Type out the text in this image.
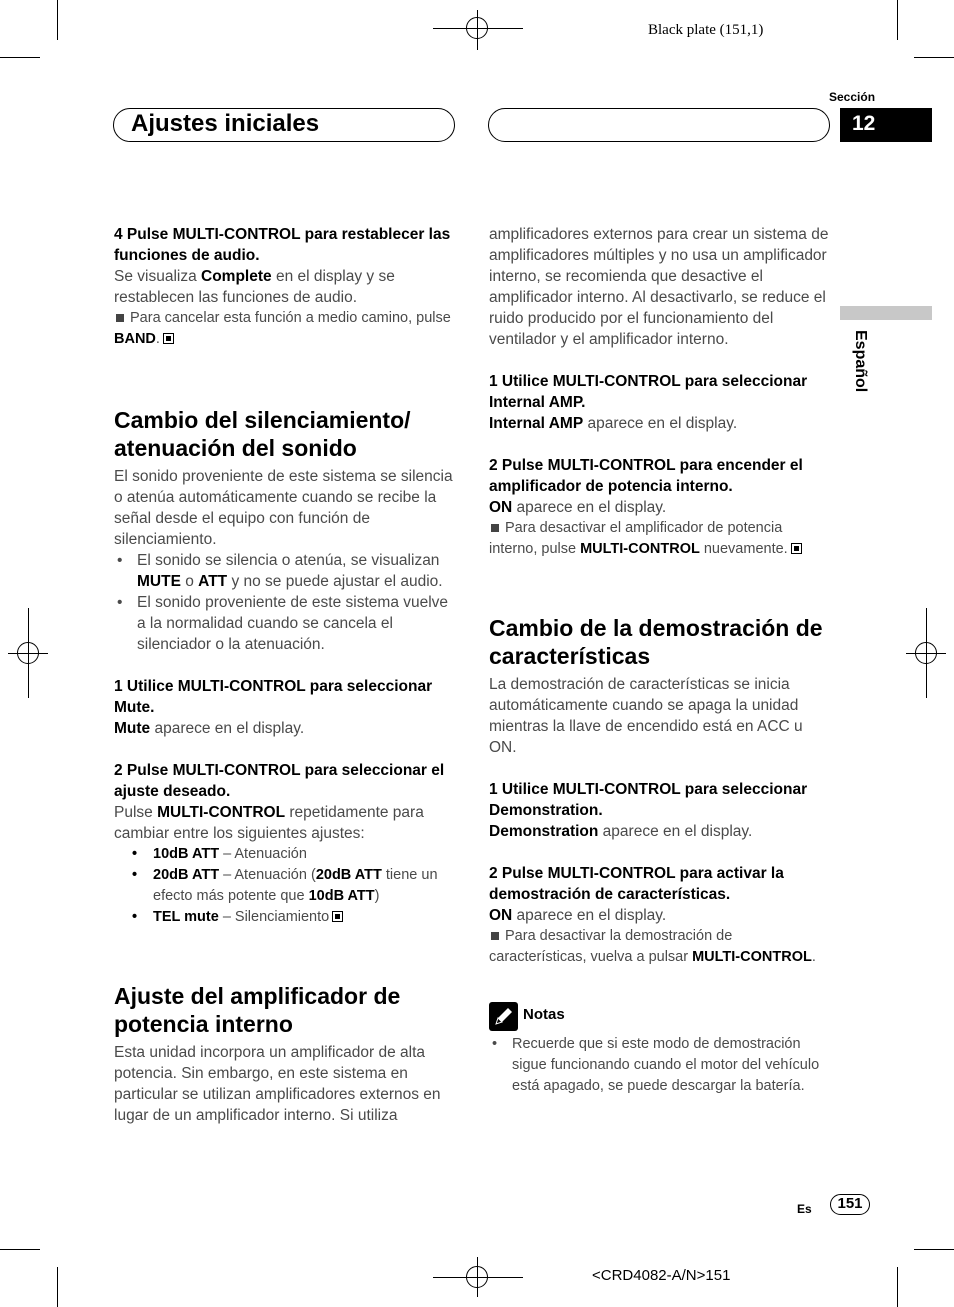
Black plate (151,1)
Ajustes iniciales
Sección
12
Español

4 Pulse MULTI-CONTROL para restablecer las funciones de audio.

Se visualiza Complete en el display y se restablecen las funciones de audio.

Para cancelar esta función a medio camino, pulse BAND.

Cambio del silenciamiento/ atenuación del sonido

El sonido proveniente de este sistema se silencia o atenúa automáticamente cuando se recibe la señal desde el equipo con función de silenciamiento.

• El sonido se silencia o atenúa, se visualizan MUTE o ATT y no se puede ajustar el audio.

• El sonido proveniente de este sistema vuelve a la normalidad cuando se cancela el silenciador o la atenuación.

1 Utilice MULTI-CONTROL para seleccionar Mute.

Mute aparece en el display.

2 Pulse MULTI-CONTROL para seleccionar el ajuste deseado.

Pulse MULTI-CONTROL repetidamente para cambiar entre los siguientes ajustes:

• 10dB ATT – Atenuación

• 20dB ATT – Atenuación (20dB ATT tiene un efecto más potente que 10dB ATT)

• TEL mute – Silenciamiento

Ajuste del amplificador de potencia interno

Esta unidad incorpora un amplificador de alta potencia. Sin embargo, en este sistema en particular se utilizan amplificadores externos en lugar de un amplificador interno. Si utiliza

amplificadores externos para crear un sistema de amplificadores múltiples y no usa un amplificador interno, se recomienda que desactive el amplificador interno. Al desactivarlo, se reduce el ruido producido por el funcionamiento del ventilador y el amplificador interno.

1 Utilice MULTI-CONTROL para seleccionar Internal AMP.

Internal AMP aparece en el display.

2 Pulse MULTI-CONTROL para encender el amplificador de potencia interno.

ON aparece en el display.

Para desactivar el amplificador de potencia interno, pulse MULTI-CONTROL nuevamente.

Cambio de la demostración de características

La demostración de características se inicia automáticamente cuando se apaga la unidad mientras la llave de encendido está en ACC u ON.

1 Utilice MULTI-CONTROL para seleccionar Demonstration.

Demonstration aparece en el display.

2 Pulse MULTI-CONTROL para activar la demostración de características.

ON aparece en el display.

Para desactivar la demostración de características, vuelva a pulsar MULTI-CONTROL.

Notas

• Recuerde que si este modo de demostración sigue funcionando cuando el motor del vehículo está apagado, se puede descargar la batería.

Es	151
<CRD4082-A/N>151
